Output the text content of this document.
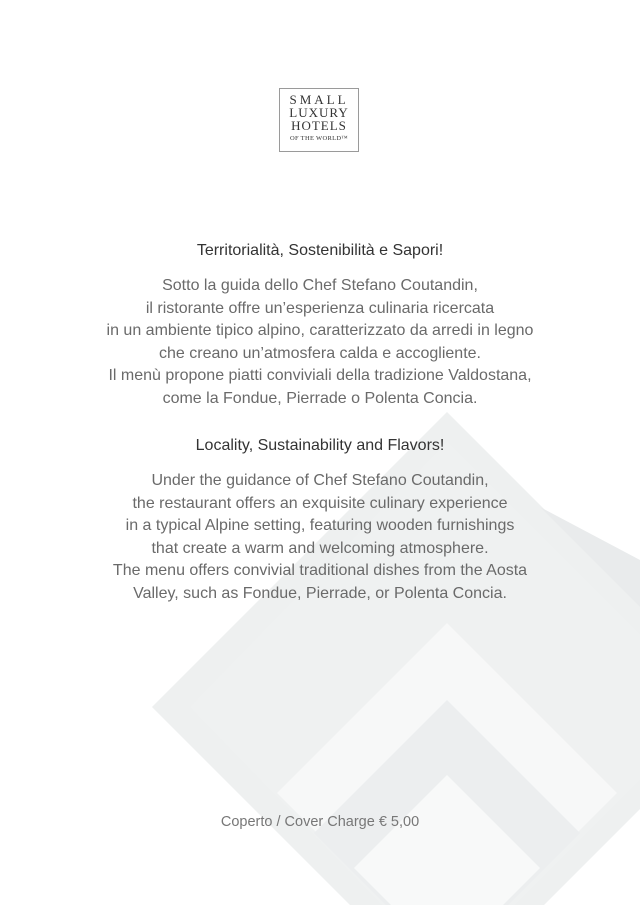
SMALL
LUXURY
HOTELS
OF THE WORLD™
Territorialità, Sostenibilità e Sapori!
Sotto la guida dello Chef Stefano Coutandin,
il ristorante offre un’esperienza culinaria ricercata
in un ambiente tipico alpino, caratterizzato da arredi in legno
che creano un’atmosfera calda e accogliente.
Il menù propone piatti conviviali della tradizione Valdostana,
come la Fondue, Pierrade o Polenta Concia.
Locality, Sustainability and Flavors!
Under the guidance of Chef Stefano Coutandin,
the restaurant offers an exquisite culinary experience
in a typical Alpine setting, featuring wooden furnishings
that create a warm and welcoming atmosphere.
The menu offers convivial traditional dishes from the Aosta
Valley, such as Fondue, Pierrade, or Polenta Concia.
Coperto / Cover Charge € 5,00
